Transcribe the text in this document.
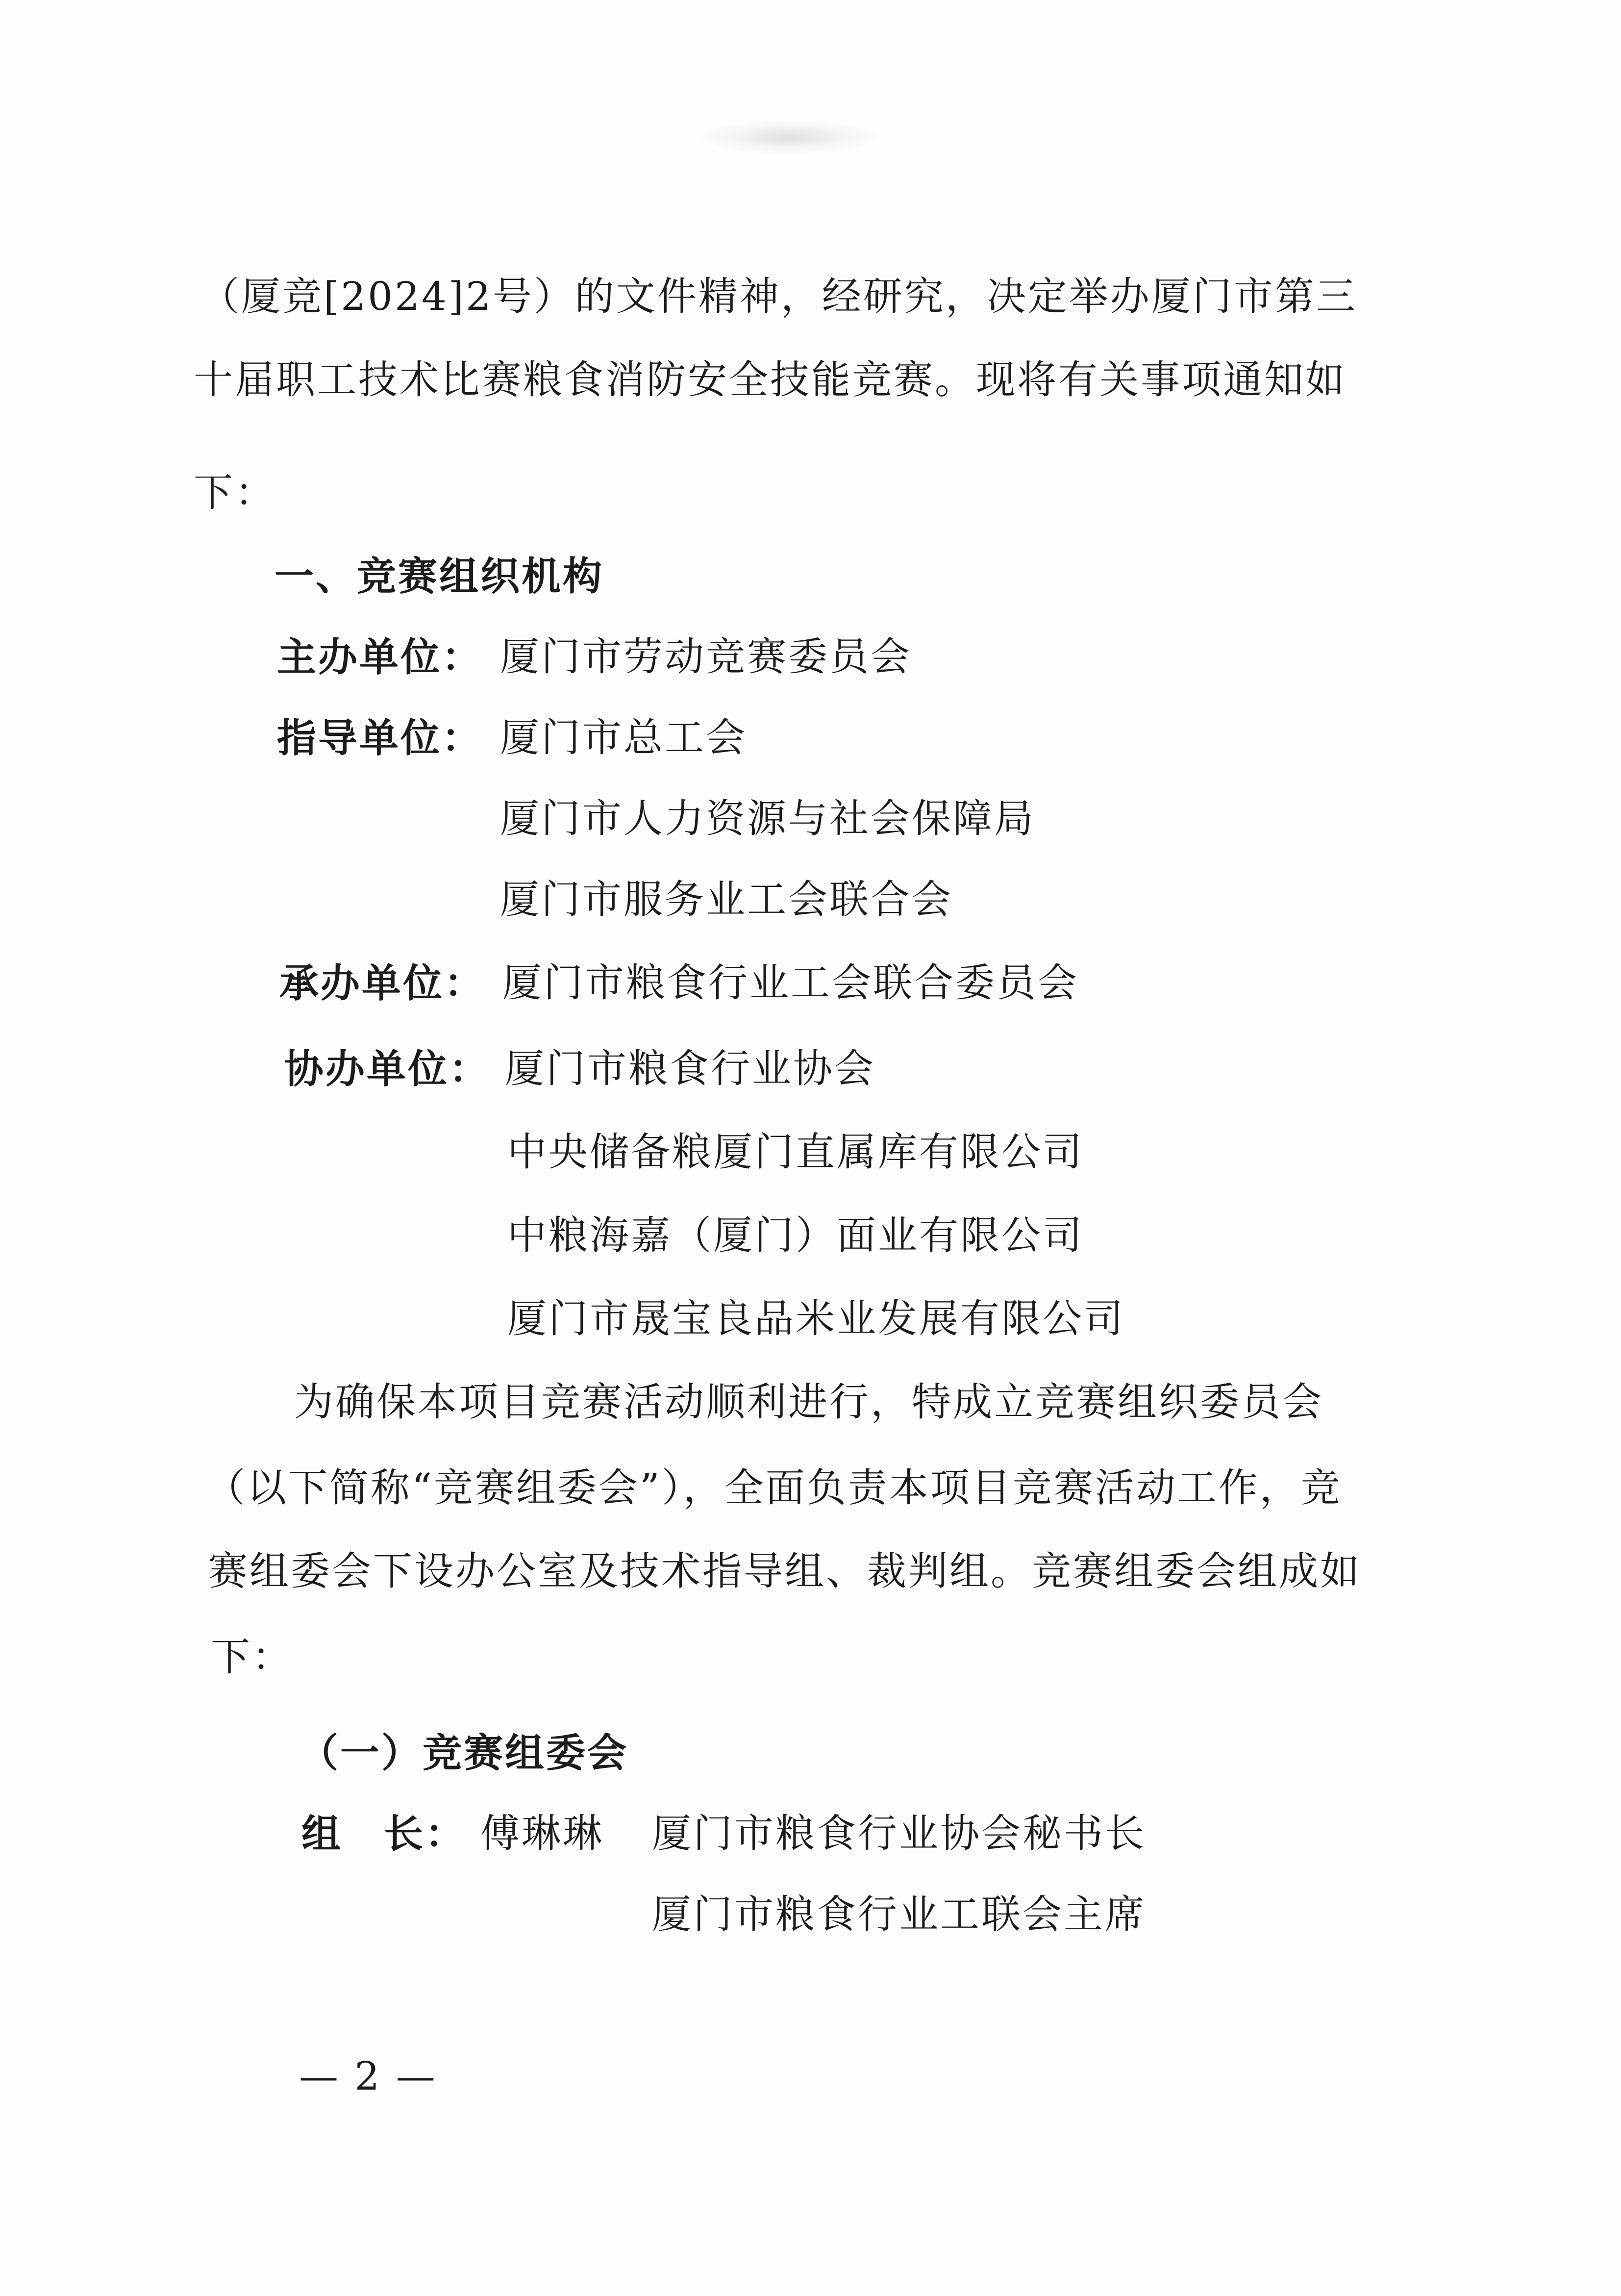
（厦竞[2024]2号）的文件精神，经研究，决定举办厦门市第三
十届职工技术比赛粮食消防安全技能竞赛。现将有关事项通知如
下：
一、竞赛组织机构
主办单位： 厦门市劳动竞赛委员会
指导单位： 厦门市总工会
厦门市人力资源与社会保障局
厦门市服务业工会联合会
承办单位： 厦门市粮食行业工会联合委员会
协办单位： 厦门市粮食行业协会
中央储备粮厦门直属库有限公司
中粮海嘉（厦门）面业有限公司
厦门市晟宝良品米业发展有限公司
为确保本项目竞赛活动顺利进行，特成立竞赛组织委员会
（以下简称“竞赛组委会”），全面负责本项目竞赛活动工作，竞
赛组委会下设办公室及技术指导组、裁判组。竞赛组委会组成如
下：
（一）竞赛组委会
组　长： 傅琳琳 厦门市粮食行业协会秘书长
厦门市粮食行业工联会主席
— 2 —
